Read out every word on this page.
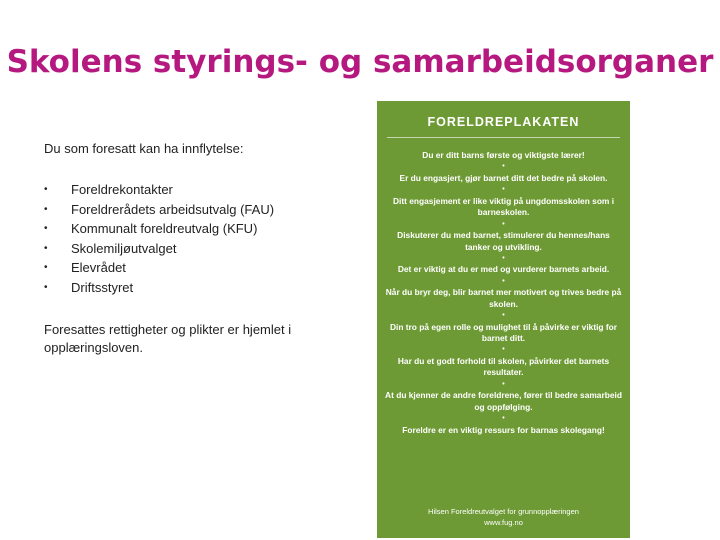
Skolens styrings- og samarbeidsorganer

Du som foresatt kan ha innflytelse:

• Foreldrekontakter
• Foreldrerådets arbeidsutvalg (FAU)
• Kommunalt foreldreutvalg (KFU)
• Skolemiljøutvalget
• Elevrådet
• Driftsstyret

Foresattes rettigheter og plikter er hjemlet i opplæringsloven.

FORELDREPLAKATEN

Du er ditt barns første og viktigste lærer!

•

Er du engasjert, gjør barnet ditt det bedre på skolen.

•

Ditt engasjement er like viktig på ungdomsskolen som i barneskolen.

•

Diskuterer du med barnet, stimulerer du hennes/hans tanker og utvikling.

•

Det er viktig at du er med og vurderer barnets arbeid.

•

Når du bryr deg, blir barnet mer motivert og trives bedre på skolen.

•

Din tro på egen rolle og mulighet til å påvirke er viktig for barnet ditt.

•

Har du et godt forhold til skolen, påvirker det barnets resultater.

•

At du kjenner de andre foreldrene, fører til bedre samarbeid og oppfølging.

•

Foreldre er en viktig ressurs for barnas skolegang!

Hilsen Foreldreutvalget for grunnopplæringen
www.fug.no
